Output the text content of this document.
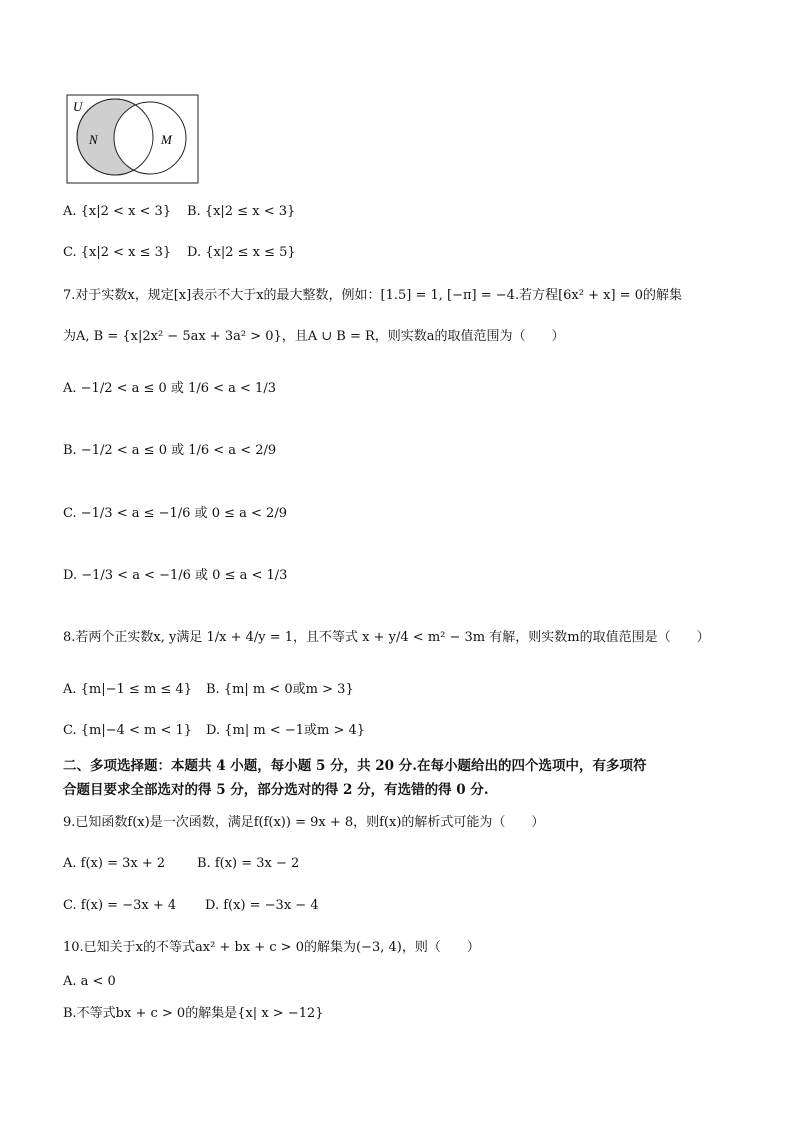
U
N	M
A. {x|2 < x < 3} B. {x|2 ≤ x < 3}
C. {x|2 < x ≤ 3} D. {x|2 ≤ x ≤ 5}
7.对于实数x，规定[x]表示不大于x的最大整数，例如：[1.5] = 1, [−π] = −4.若方程[6x² + x] = 0的解集
为A, B = {x|2x² − 5ax + 3a² > 0}，且A ∪ B = R，则实数a的取值范围为（　　）
A. −1/2 < a ≤ 0 或 1/6 < a < 1/3
B. −1/2 < a ≤ 0 或 1/6 < a < 2/9
C. −1/3 < a ≤ −1/6 或 0 ≤ a < 2/9
D. −1/3 < a < −1/6 或 0 ≤ a < 1/3
8.若两个正实数x, y满足 1/x + 4/y = 1，且不等式 x + y/4 < m² − 3m 有解，则实数m的取值范围是（　　）
A. {m|−1 ≤ m ≤ 4} B. {m| m < 0或m > 3}
C. {m|−4 < m < 1} D. {m| m < −1或m > 4}
二、多项选择题：本题共 4 小题，每小题 5 分，共 20 分.在每小题给出的四个选项中，有多项符
合题目要求全部选对的得 5 分，部分选对的得 2 分，有选错的得 0 分.
9.已知函数f(x)是一次函数，满足f(f(x)) = 9x + 8，则f(x)的解析式可能为（　　）
A. f(x) = 3x + 2 B. f(x) = 3x − 2
C. f(x) = −3x + 4 D. f(x) = −3x − 4
10.已知关于x的不等式ax² + bx + c > 0的解集为(−3, 4)，则（　　）
A. a < 0
B.不等式bx + c > 0的解集是{x| x > −12}
